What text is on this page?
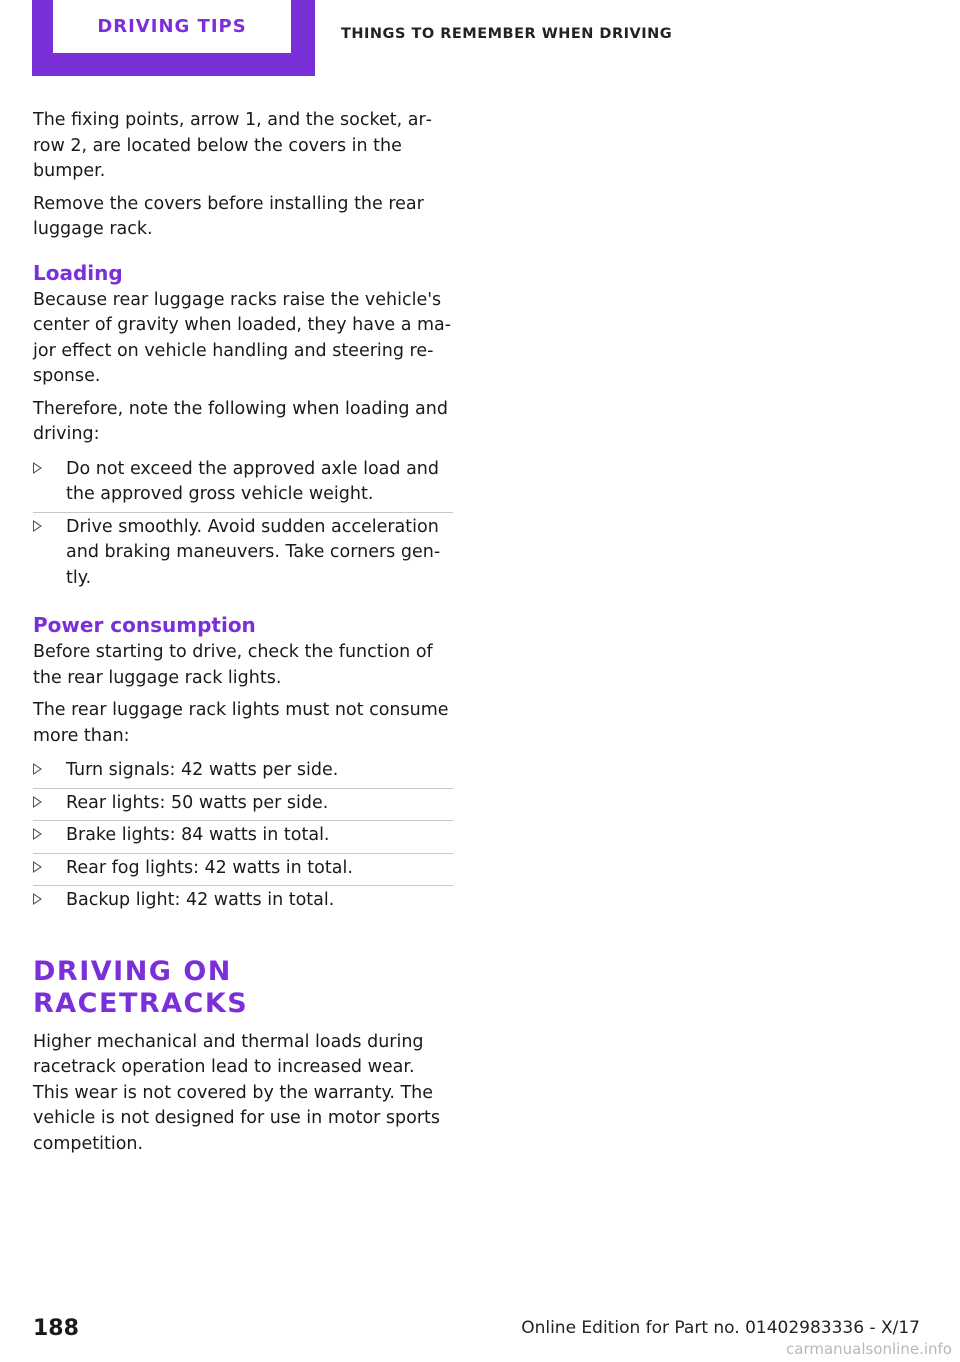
DRIVING TIPS	THINGS TO REMEMBER WHEN DRIVING

The fixing points, arrow 1, and the socket, ar‐ row 2, are located below the covers in the bumper.

Remove the covers before installing the rear luggage rack.

Loading

Because rear luggage racks raise the vehicle's center of gravity when loaded, they have a ma‐ jor effect on vehicle handling and steering re‐ sponse.

Therefore, note the following when loading and driving:

Do not exceed the approved axle load and the approved gross vehicle weight.
Drive smoothly. Avoid sudden acceleration and braking maneuvers. Take corners gen‐ tly.
Power consumption

Before starting to drive, check the function of the rear luggage rack lights.

The rear luggage rack lights must not consume more than:

Turn signals: 42 watts per side.
Rear lights: 50 watts per side.
Brake lights: 84 watts in total.
Rear fog lights: 42 watts in total.
Backup light: 42 watts in total.
DRIVING ON RACETRACKS

Higher mechanical and thermal loads during racetrack operation lead to increased wear. This wear is not covered by the warranty. The vehicle is not designed for use in motor sports competition.

188	Online Edition for Part no. 01402983336 - X/17
carmanualsonline.info
